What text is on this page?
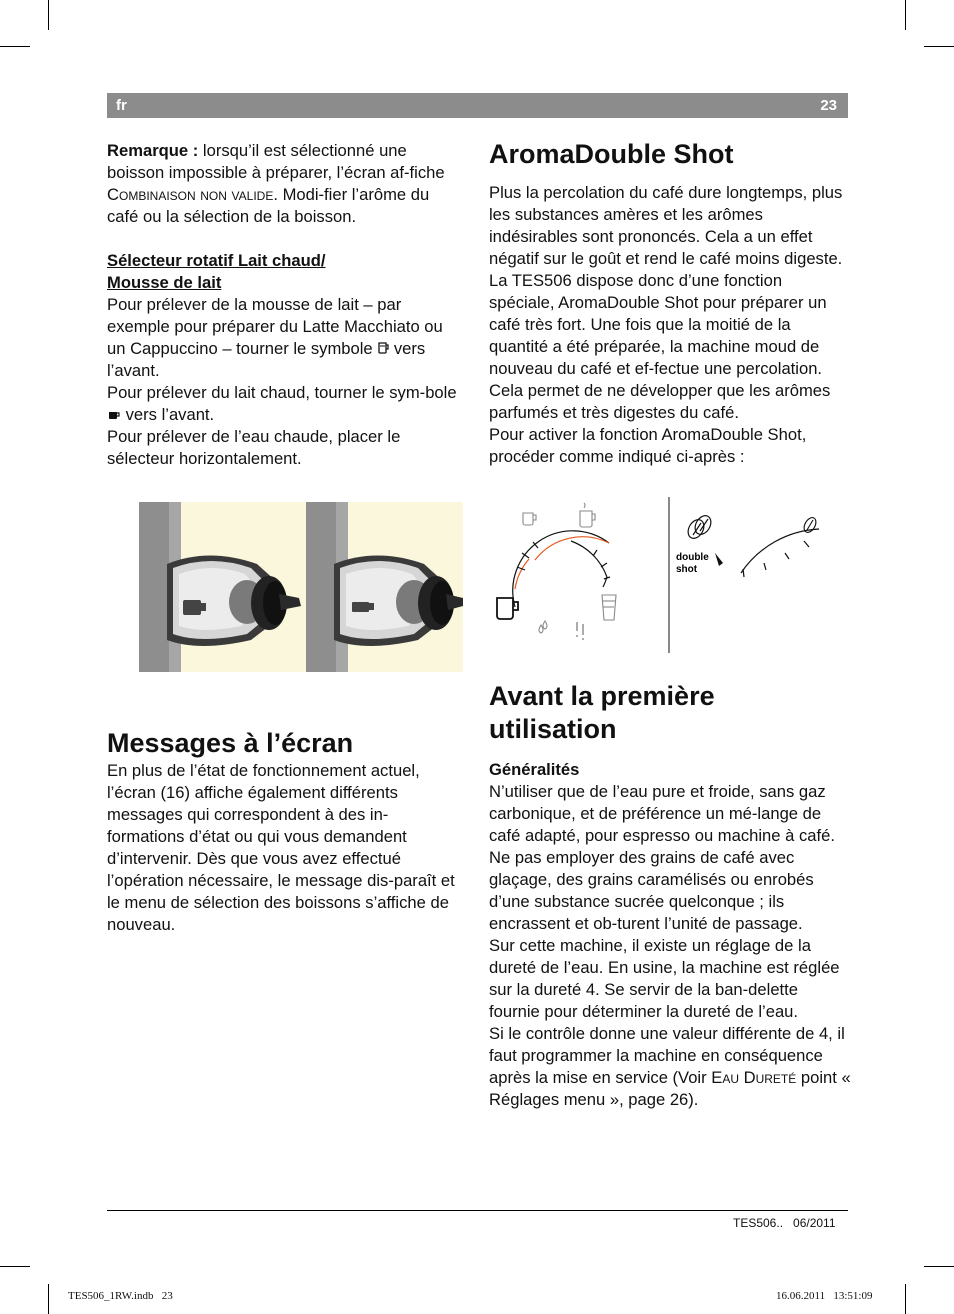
fr	23

Remarque : lorsqu’il est sélectionné une boisson impossible à préparer, l’écran af-fiche Combinaison non valide. Modi-fier l’arôme du café ou la sélection de la boisson.

Sélecteur rotatif Lait chaud/
Mousse de lait

Pour prélever de la mousse de lait – par exemple pour préparer du Latte Macchiato ou un Cappuccino – tourner le symbole  vers l’avant.

Pour prélever du lait chaud, tourner le sym-bole  vers l’avant.

Pour prélever de l’eau chaude, placer le sélecteur horizontalement.

Messages à l’écran

En plus de l’état de fonctionnement actuel, l’écran (16) affiche également différents messages qui correspondent à des in-formations d’état ou qui vous demandent d’intervenir. Dès que vous avez effectué l’opération nécessaire, le message dis-paraît et le menu de sélection des boissons s’affiche de nouveau.

AromaDouble Shot

Plus la percolation du café dure longtemps, plus les substances amères et les arômes indésirables sont prononcés. Cela a un effet négatif sur le goût et rend le café moins digeste. La TES506 dispose donc d’une fonction spéciale, AromaDouble Shot pour préparer un café très fort. Une fois que la moitié de la quantité a été préparée, la machine moud de nouveau du café et ef-fectue une percolation. Cela permet de ne développer que les arômes parfumés et très digestes du café.

Pour activer la fonction AromaDouble Shot, procéder comme indiqué ci-après :

double
shot

Avant la première
utilisation

Généralités

N’utiliser que de l’eau pure et froide, sans gaz carbonique, et de préférence un mé-lange de café adapté, pour espresso ou machine à café. Ne pas employer des grains de café avec glaçage, des grains caramélisés ou enrobés d’une substance sucrée quelconque ; ils encrassent et ob-turent l’unité de passage.

Sur cette machine, il existe un réglage de la dureté de l’eau. En usine, la machine est réglée sur la dureté 4. Se servir de la ban-delette fournie pour déterminer la dureté de l’eau.

Si le contrôle donne une valeur différente de 4, il faut programmer la machine en conséquence après la mise en service (Voir Eau Dureté point « Réglages menu », page 26).

TES506..   06/2011
TES506_1RW.indb   23	16.06.2011   13:51:09
